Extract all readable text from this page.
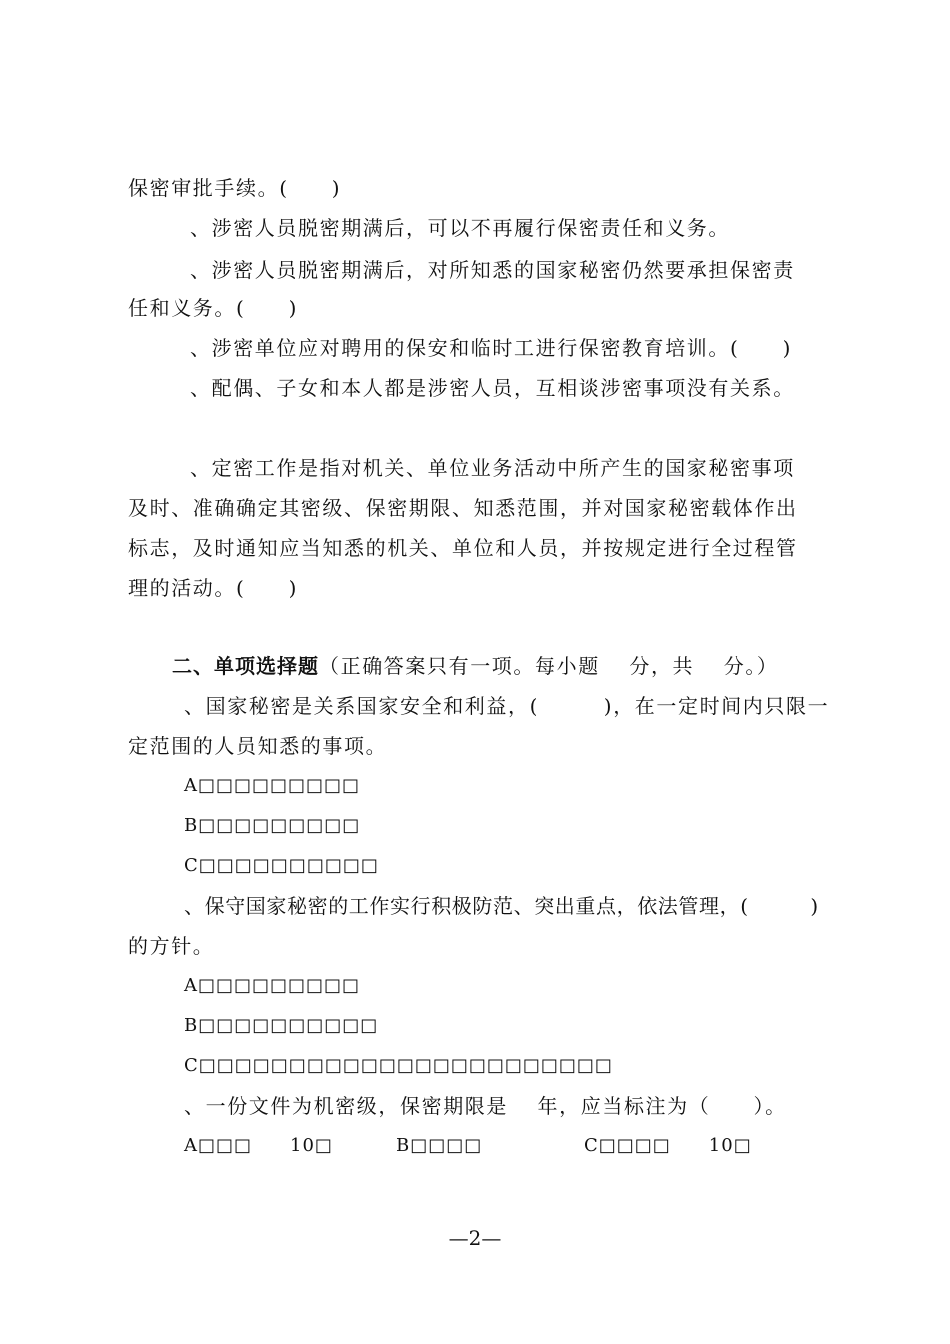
保密审批手续。(　　)
、涉密人员脱密期满后，可以不再履行保密责任和义务。
、涉密人员脱密期满后，对所知悉的国家秘密仍然要承担保密责
任和义务。(　　)
、涉密单位应对聘用的保安和临时工进行保密教育培训。(　　)
、配偶、子女和本人都是涉密人员，互相谈涉密事项没有关系。
、定密工作是指对机关、单位业务活动中所产生的国家秘密事项
及时、准确确定其密级、保密期限、知悉范围，并对国家秘密载体作出
标志，及时通知应当知悉的机关、单位和人员，并按规定进行全过程管
理的活动。(　　)
二、单项选择题（正确答案只有一项。每小题　 分，共　 分。）
、国家秘密是关系国家安全和利益，(　　　)，在一定时间内只限一
定范围的人员知悉的事项。
A□□□□□□□□□
B□□□□□□□□□
C□□□□□□□□□□
、保守国家秘密的工作实行积极防范、突出重点，依法管理，(　　　)
的方针。
A□□□□□□□□□
B□□□□□□□□□□
C□□□□□□□□□□□□□□□□□□□□□□□
、一份文件为机密级，保密期限是　 年，应当标注为（　　）。
A□□□　　10□	B□□□□	C□□□□　　10□
—2—
